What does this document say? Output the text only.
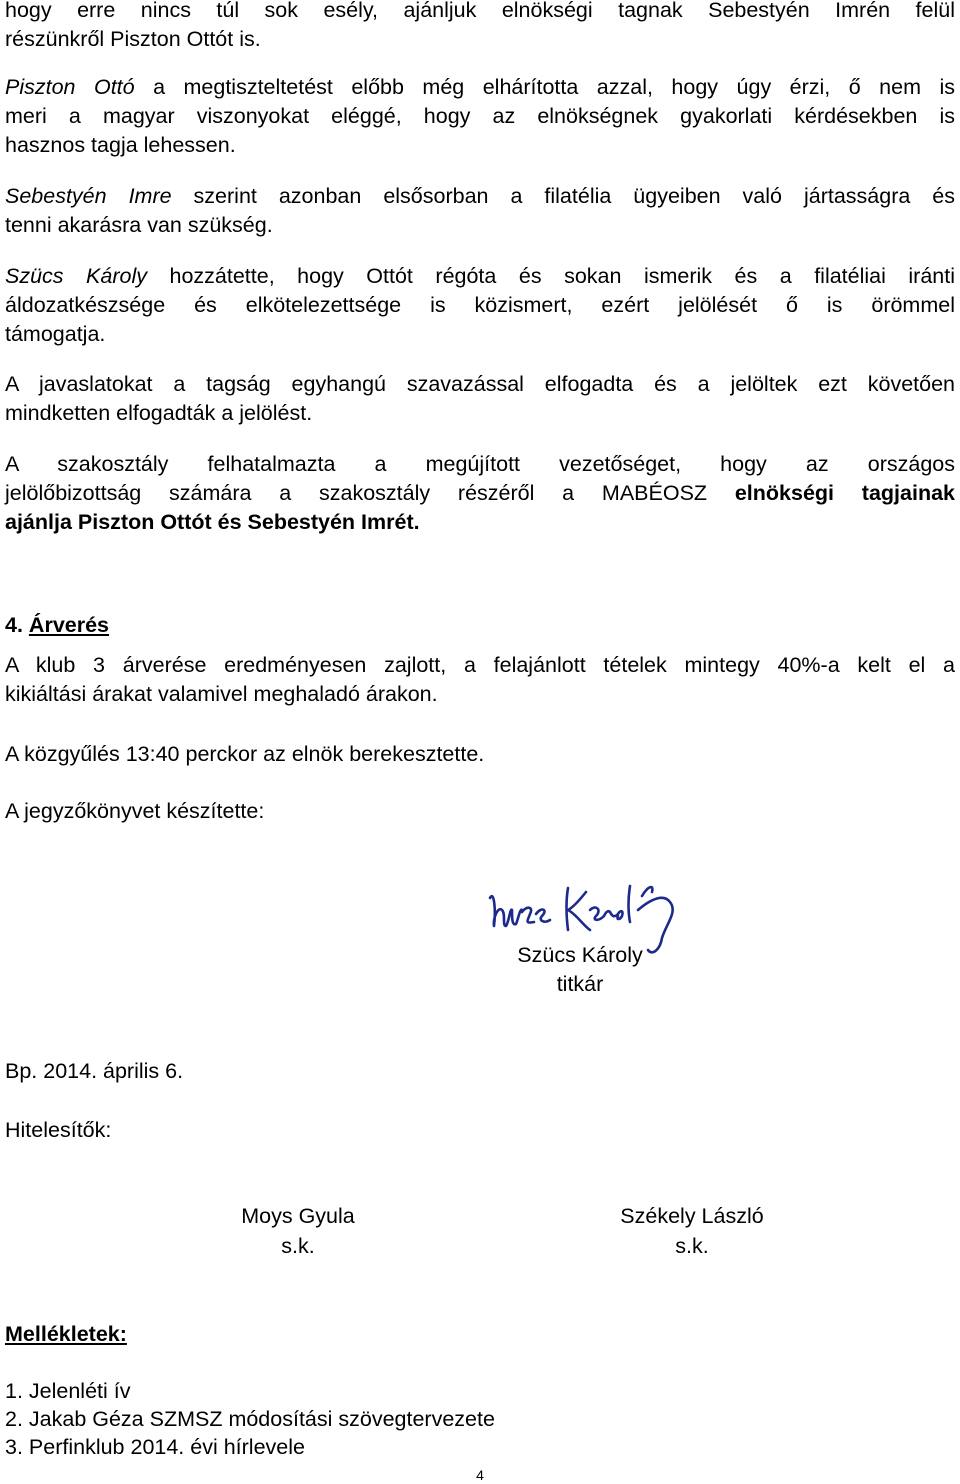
hogy erre nincs túl sok esély, ajánljuk elnökségi tagnak Sebestyén Imrén felül
részünkről Piszton Ottót is.
Piszton Ottó a megtiszteltetést előbb még elhárította azzal, hogy úgy érzi, ő nem is
meri a magyar viszonyokat eléggé, hogy az elnökségnek gyakorlati kérdésekben is
hasznos tagja lehessen.
Sebestyén Imre szerint azonban elsősorban a filatélia ügyeiben való jártasságra és
tenni akarásra van szükség.
Szücs Károly hozzátette, hogy Ottót régóta és sokan ismerik és a filatéliai iránti
áldozatkészsége és elkötelezettsége is közismert, ezért jelölését ő is örömmel
támogatja.
A javaslatokat a tagság egyhangú szavazással elfogadta és a jelöltek ezt követően
mindketten elfogadták a jelölést.
A szakosztály felhatalmazta a megújított vezetőséget, hogy az országos
jelölőbizottság számára a szakosztály részéről a MABÉOSZ elnökségi tagjainak
ajánlja Piszton Ottót és Sebestyén Imrét.
4. Árverés
A klub 3 árverése eredményesen zajlott, a felajánlott tételek mintegy 40%-a kelt el a
kikiáltási árakat valamivel meghaladó árakon.
A közgyűlés 13:40 perckor az elnök berekesztette.
A jegyzőkönyvet készítette:
Szücs Károly
titkár
Bp. 2014. április 6.
Hitelesítők:
Moys Gyula
s.k.
Székely László
s.k.
Mellékletek:
1. Jelenléti ív
2. Jakab Géza SZMSZ módosítási szövegtervezete
3. Perfinklub 2014. évi hírlevele
4
